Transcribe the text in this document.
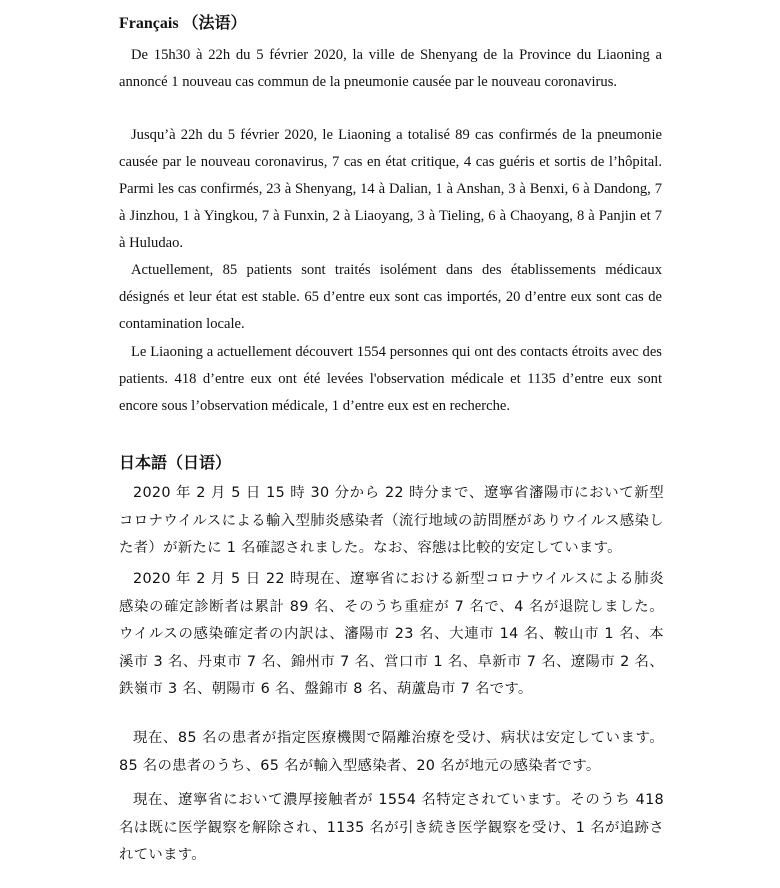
Français （法语）

De 15h30 à 22h du 5 février 2020, la ville de Shenyang de la Province du Liaoning a annoncé 1 nouveau cas commun de la pneumonie causée par le nouveau coronavirus.

Jusqu’à 22h du 5 février 2020, le Liaoning a totalisé 89 cas confirmés de la pneumonie causée par le nouveau coronavirus, 7 cas en état critique, 4 cas guéris et sortis de l’hôpital. Parmi les cas confirmés, 23 à Shenyang, 14 à Dalian, 1 à Anshan, 3 à Benxi, 6 à Dandong, 7 à Jinzhou, 1 à Yingkou, 7 à Funxin, 2 à Liaoyang, 3 à Tieling, 6 à Chaoyang, 8 à Panjin et 7 à Huludao.

Actuellement, 85 patients sont traités isolément dans des établissements médicaux désignés et leur état est stable. 65 d’entre eux sont cas importés, 20 d’entre eux sont cas de contamination locale.

Le Liaoning a actuellement découvert 1554 personnes qui ont des contacts étroits avec des patients. 418 d’entre eux ont été levées l'observation médicale et 1135 d’entre eux sont encore sous l’observation médicale, 1 d’entre eux est en recherche.

日本語（日语）

2020 年 2 月 5 日 15 時 30 分から 22 時分まで、遼寧省瀋陽市において新型コロナウイルスによる輸入型肺炎感染者（流行地域の訪問歴がありウイルス感染した者）が新たに 1 名確認されました。なお、容態は比較的安定しています。

2020 年 2 月 5 日 22 時現在、遼寧省における新型コロナウイルスによる肺炎感染の確定診断者は累計 89 名、そのうち重症が 7 名で、4 名が退院しました。ウイルスの感染確定者の内訳は、瀋陽市 23 名、大連市 14 名、鞍山市 1 名、本溪市 3 名、丹東市 7 名、錦州市 7 名、営口市 1 名、阜新市 7 名、遼陽市 2 名、鉄嶺市 3 名、朝陽市 6 名、盤錦市 8 名、葫蘆島市 7 名です。

現在、85 名の患者が指定医療機関で隔離治療を受け、病状は安定しています。85 名の患者のうち、65 名が輸入型感染者、20 名が地元の感染者です。

現在、遼寧省において濃厚接触者が 1554 名特定されています。そのうち 418 名は既に医学観察を解除され、1135 名が引き続き医学観察を受け、1 名が追跡されています。
